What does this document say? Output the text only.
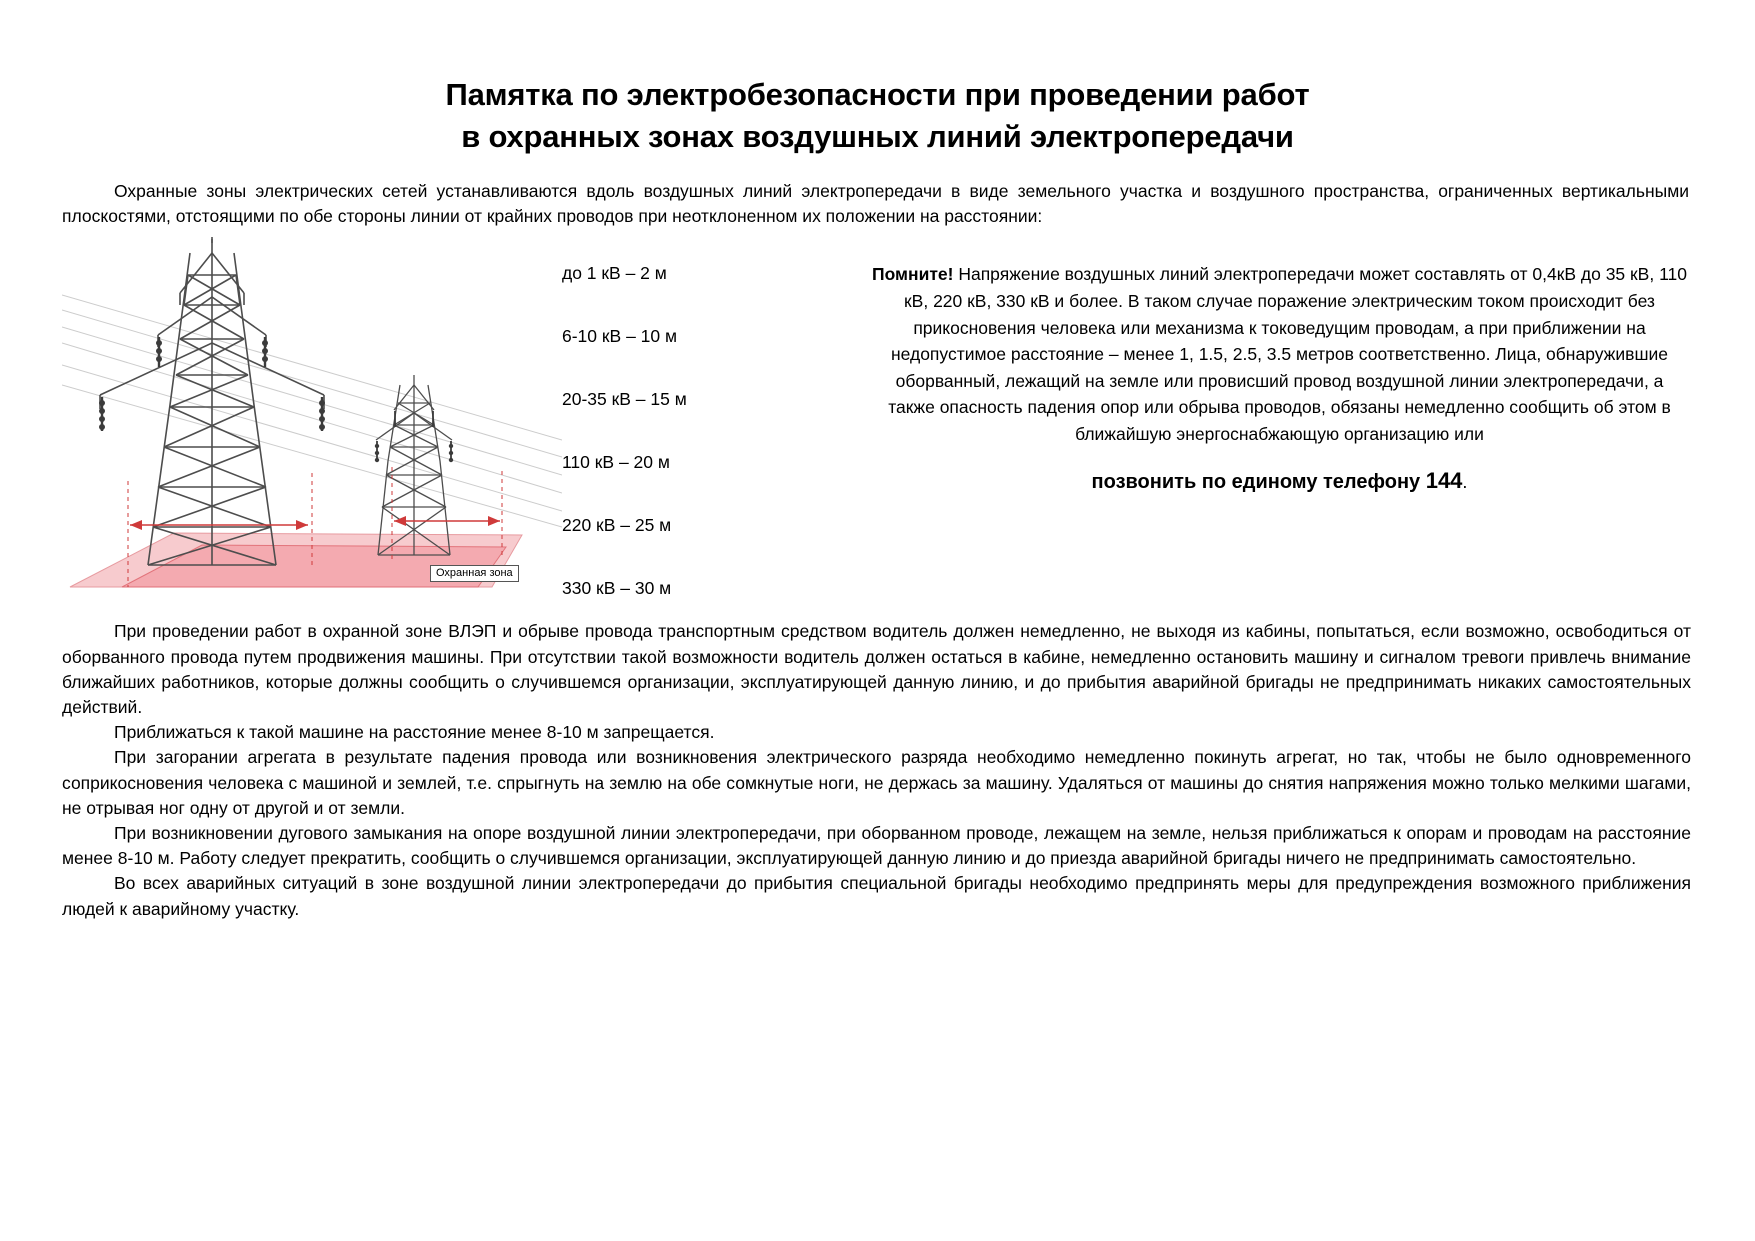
Памятка по электробезопасности при проведении работ
в охранных зонах воздушных линий электропередачи

Охранные зоны электрических сетей устанавливаются вдоль воздушных линий электропередачи в виде земельного участка и воздушного пространства, ограниченных вертикальными плоскостями, отстоящими по обе стороны линии от крайних проводов при неотклоненном их положении на расстоянии:

Охранная зона
до 1 кВ – 2 м
6-10 кВ – 10 м
20-35 кВ – 15 м
110 кВ – 20 м
220 кВ – 25 м
330 кВ – 30 м

Помните! Напряжение воздушных линий электропередачи может составлять от 0,4кВ до 35 кВ, 110 кВ, 220 кВ, 330 кВ и более. В таком случае поражение электрическим током происходит без прикосновения человека или механизма к токоведущим проводам, а при приближении на недопустимое расстояние – менее 1, 1.5, 2.5, 3.5 метров соответственно. Лица, обнаружившие оборванный, лежащий на земле или провисший провод воздушной линии электропередачи, а также опасность падения опор или обрыва проводов, обязаны немедленно сообщить об этом в ближайшую энергоснабжающую организацию или

позвонить по единому телефону 144.

При проведении работ в охранной зоне ВЛЭП и обрыве провода транспортным средством водитель должен немедленно, не выходя из кабины, попытаться, если возможно, освободиться от оборванного провода путем продвижения машины. При отсутствии такой возможности водитель должен остаться в кабине, немедленно остановить машину и сигналом тревоги привлечь внимание ближайших работников, которые должны сообщить о случившемся организации, эксплуатирующей данную линию, и до прибытия аварийной бригады не предпринимать никаких самостоятельных действий.

Приближаться к такой машине на расстояние менее 8-10 м запрещается.

При загорании агрегата в результате падения провода или возникновения электрического разряда необходимо немедленно покинуть агрегат, но так, чтобы не было одновременного соприкосновения человека с машиной и землей, т.е. спрыгнуть на землю на обе сомкнутые ноги, не держась за машину. Удаляться от машины до снятия напряжения можно только мелкими шагами, не отрывая ног одну от другой и от земли.

При возникновении дугового замыкания на опоре воздушной линии электропередачи, при оборванном проводе, лежащем на земле, нельзя приближаться к опорам и проводам на расстояние менее 8-10 м. Работу следует прекратить, сообщить о случившемся организации, эксплуатирующей данную линию и до приезда аварийной бригады ничего не предпринимать самостоятельно.

Во всех аварийных ситуаций в зоне воздушной линии электропередачи до прибытия специальной бригады необходимо предпринять меры для предупреждения возможного приближения людей к аварийному участку.
